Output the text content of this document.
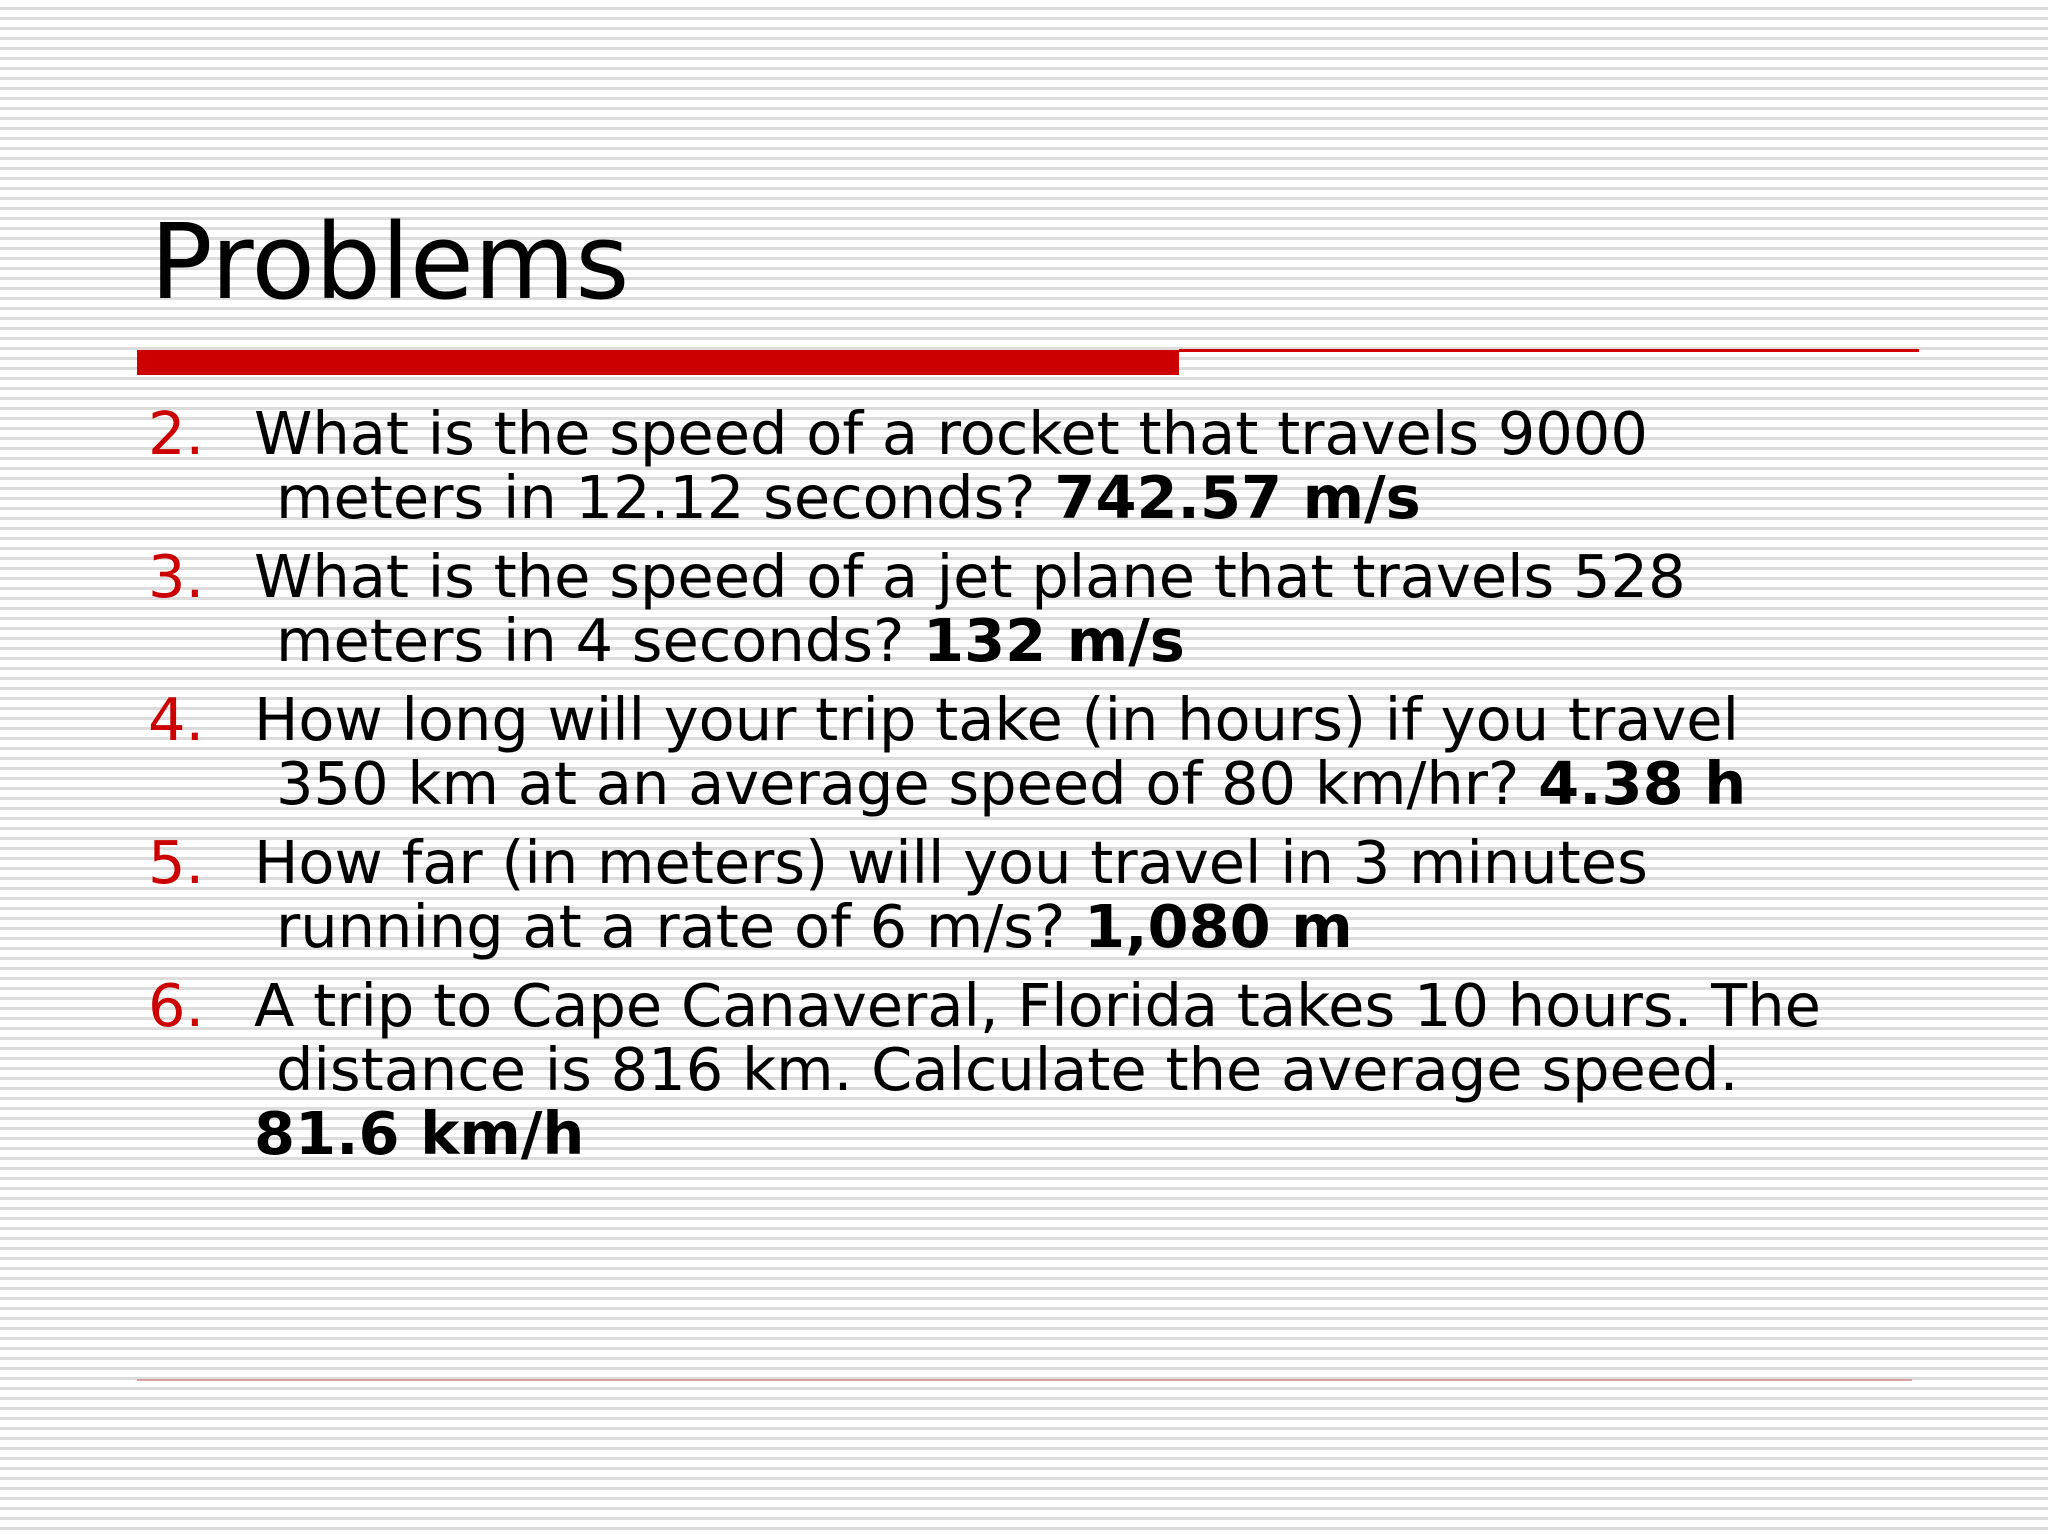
Problems
2. What is the speed of a rocket that travels 9000
meters in 12.12 seconds? 742.57 m/s
3. What is the speed of a jet plane that travels 528
meters in 4 seconds? 132 m/s
4. How long will your trip take (in hours) if you travel
350 km at an average speed of 80 km/hr? 4.38 h
5. How far (in meters) will you travel in 3 minutes
running at a rate of 6 m/s? 1,080 m
6. A trip to Cape Canaveral, Florida takes 10 hours. The
distance is 816 km. Calculate the average speed.
81.6 km/h
